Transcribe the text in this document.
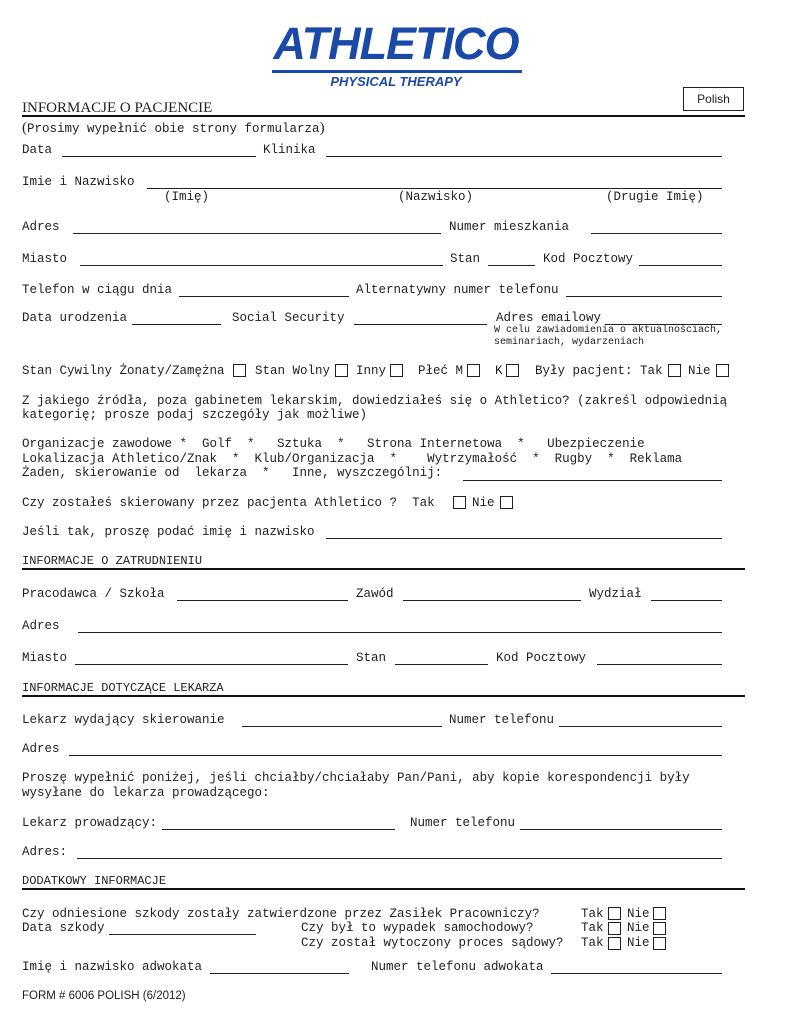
ATHLETICO
PHYSICAL THERAPY
Polish
INFORMACJE O PACJENCIE
(Prosimy wypełnić obie strony formularza)
Data	Klinika
Imie i Nazwisko
(Imię)	(Nazwisko)	(Drugie Imię)
Adres	Numer mieszkania
Miasto	Stan	Kod Pocztowy
Telefon w ciągu dnia	Alternatywny numer telefonu
Data urodzenia	Social Security	Adres emailowy
W celu zawiadomienia o aktualnościach,
seminariach, wydarzeniach
Stan Cywilny Żonaty/Zamężna Stan Wolny Inny	Płeć M	K	Były pacjent: Tak Nie
Z jakiego źródła, poza gabinetem lekarskim, dowiedziałeś się o Athletico? (zakreśl odpowiednią
kategorię; prosze podaj szczegóły jak możliwe)
Organizacje zawodowe *  Golf  *   Sztuka  *   Strona Internetowa  *   Ubezpieczenie
Lokalizacja Athletico/Znak  *  Klub/Organizacja  *    Wytrzymałość  *  Rugby  *  Reklama
Żaden, skierowanie od  lekarza  *   Inne, wyszczególnij:
Czy zostałeś skierowany przez pacjenta Athletico ?  Tak	Nie
Jeśli tak, proszę podać imię i nazwisko
INFORMACJE O ZATRUDNIENIU
Pracodawca / Szkoła	Zawód	Wydział
Adres
Miasto	Stan	Kod Pocztowy
INFORMACJE DOTYCZĄCE LEKARZA
Lekarz wydający skierowanie	Numer telefonu
Adres
Proszę wypełnić poniżej, jeśli chciałby/chciałaby Pan/Pani, aby kopie korespondencji były
wysyłane do lekarza prowadzącego:
Lekarz prowadzący:	Numer telefonu
Adres:
DODATKOWY INFORMACJE
Czy odniesione szkody zostały zatwierdzone przez Zasiłek Pracowniczy?	Tak Nie
Data szkody	Czy był to wypadek samochodowy?	Tak Nie
Czy został wytoczony proces sądowy? Tak Nie
Imię i nazwisko adwokata	Numer telefonu adwokata
FORM # 6006 POLISH (6/2012)
